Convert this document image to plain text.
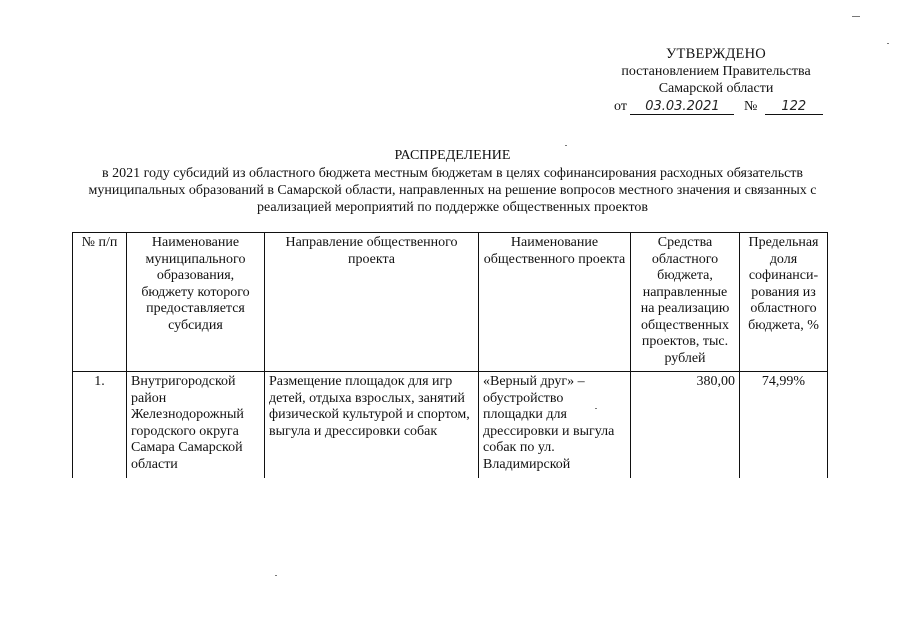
УТВЕРЖДЕНО
постановлением Правительства
Самарской области
от 03.03.2021 № 122
РАСПРЕДЕЛЕНИЕ
в 2021 году субсидий из областного бюджета местным бюджетам в целях софинансирования расходных обязательств муниципальных образований в Самарской области, направленных на решение вопросов местного значения и связанных с реализацией мероприятий по поддержке общественных проектов
№ п/п	Наименование муниципального образования, бюджету которого предоставляется субсидия	Направление общественного проекта	Наименование общественного проекта	Средства областного бюджета, направленные на реализацию общественных проектов, тыс. рублей	Предельная доля софинанси-рования из областного бюджета, %
1.	Внутригородской район Железнодорожный городского округа Самара Самарской области	Размещение площадок для игр детей, отдыха взрослых, занятий физической культурой и спортом, выгула и дрессировки собак	«Верный друг» – обустройство площадки для дрессировки и выгула собак по ул. Владимирской	380,00	74,99%
